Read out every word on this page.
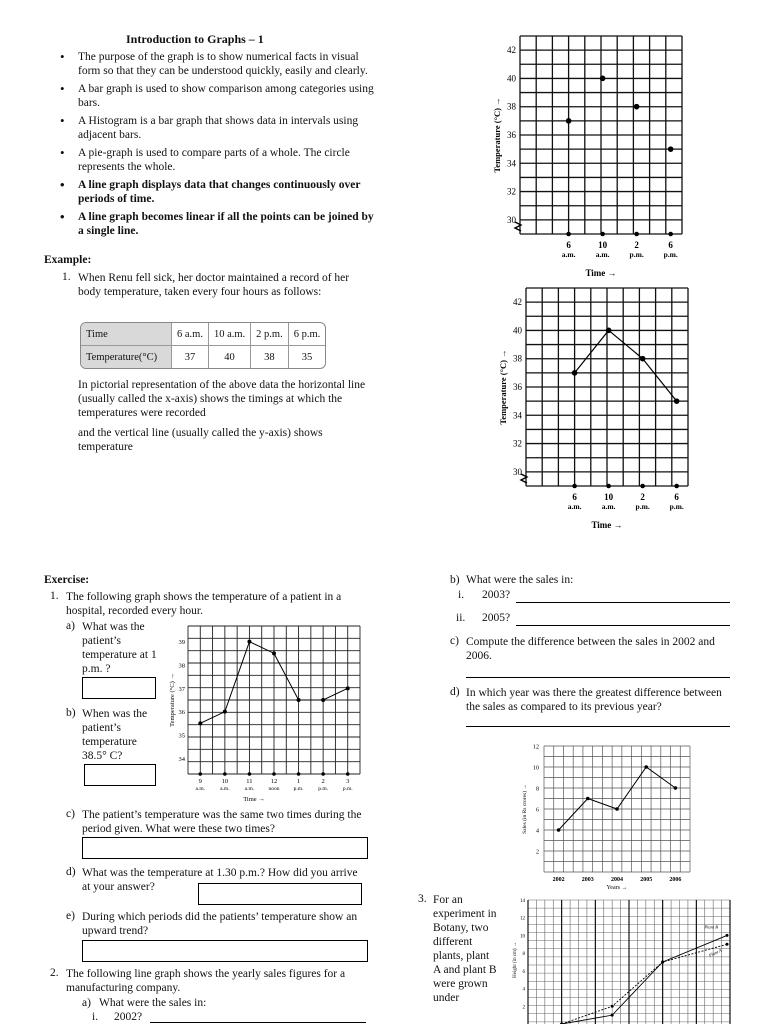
Introduction to Graphs – 1
• The purpose of the graph is to show numerical facts in visual form so that they can be understood quickly, easily and clearly.
• A bar graph is used to show comparison among categories using bars.
• A Histogram is a bar graph that shows data in intervals using adjacent bars.
• A pie-graph is used to compare parts of a whole. The circle represents the whole.
• A line graph displays data that changes continuously over periods of time.
• A line graph becomes linear if all the points can be joined by a single line.
Example:
1. When Renu fell sick, her doctor maintained a record of her body temperature, taken every four hours as follows:
Time	6 a.m.	10 a.m.	2 p.m.	6 p.m.
Temperature(°C)	37	40	38	35
In pictorial representation of the above data the horizontal line (usually called the x-axis) shows the timings at which the temperatures were recorded
and the vertical line (usually called the y-axis) shows temperature
30
32
34
36
38
40
42
6
a.m.
10
a.m.
2
p.m.
6
p.m.
Time →
Temperature (°C) →
30
32
34
36
38
40
42
6
a.m.
10
a.m.
2
p.m.
6
p.m.
Time →
Temperature (°C) →
Exercise:
1. The following graph shows the temperature of a patient in a hospital, recorded every hour.
a) What was the patient’s temperature at 1 p.m. ?
b) When was the patient’s temperature 38.5° C?	34
35
36
37
38
39
9
a.m.
10
a.m.
11
a.m.
12
noon
1
p.m.
2
p.m.
3
p.m.
Time →
Temperature (°C) →
c) The patient’s temperature was the same two times during the period given. What were these two times?
d) What was the temperature at 1.30 p.m.? How did you arrive at your answer?
e) During which periods did the patients’ temperature show an upward trend?
2. The following line graph shows the yearly sales figures for a manufacturing company.
a) What were the sales in:
i. 2002?
b) What were the sales in:
i. 2003?
ii. 2005?
c) Compute the difference between the sales in 2002 and 2006.
d) In which year was there the greatest difference between the sales as compared to its previous year?
2
4
6
8
10
12
2002	2003	2004	2005	2006
Years →
Sales (in Rs crores) →
3. For an experiment in Botany, two different plants, plant A and plant B were grown under
2
4
6
8
10
12
14
Plant B
Plant A
Height (in cm) →
